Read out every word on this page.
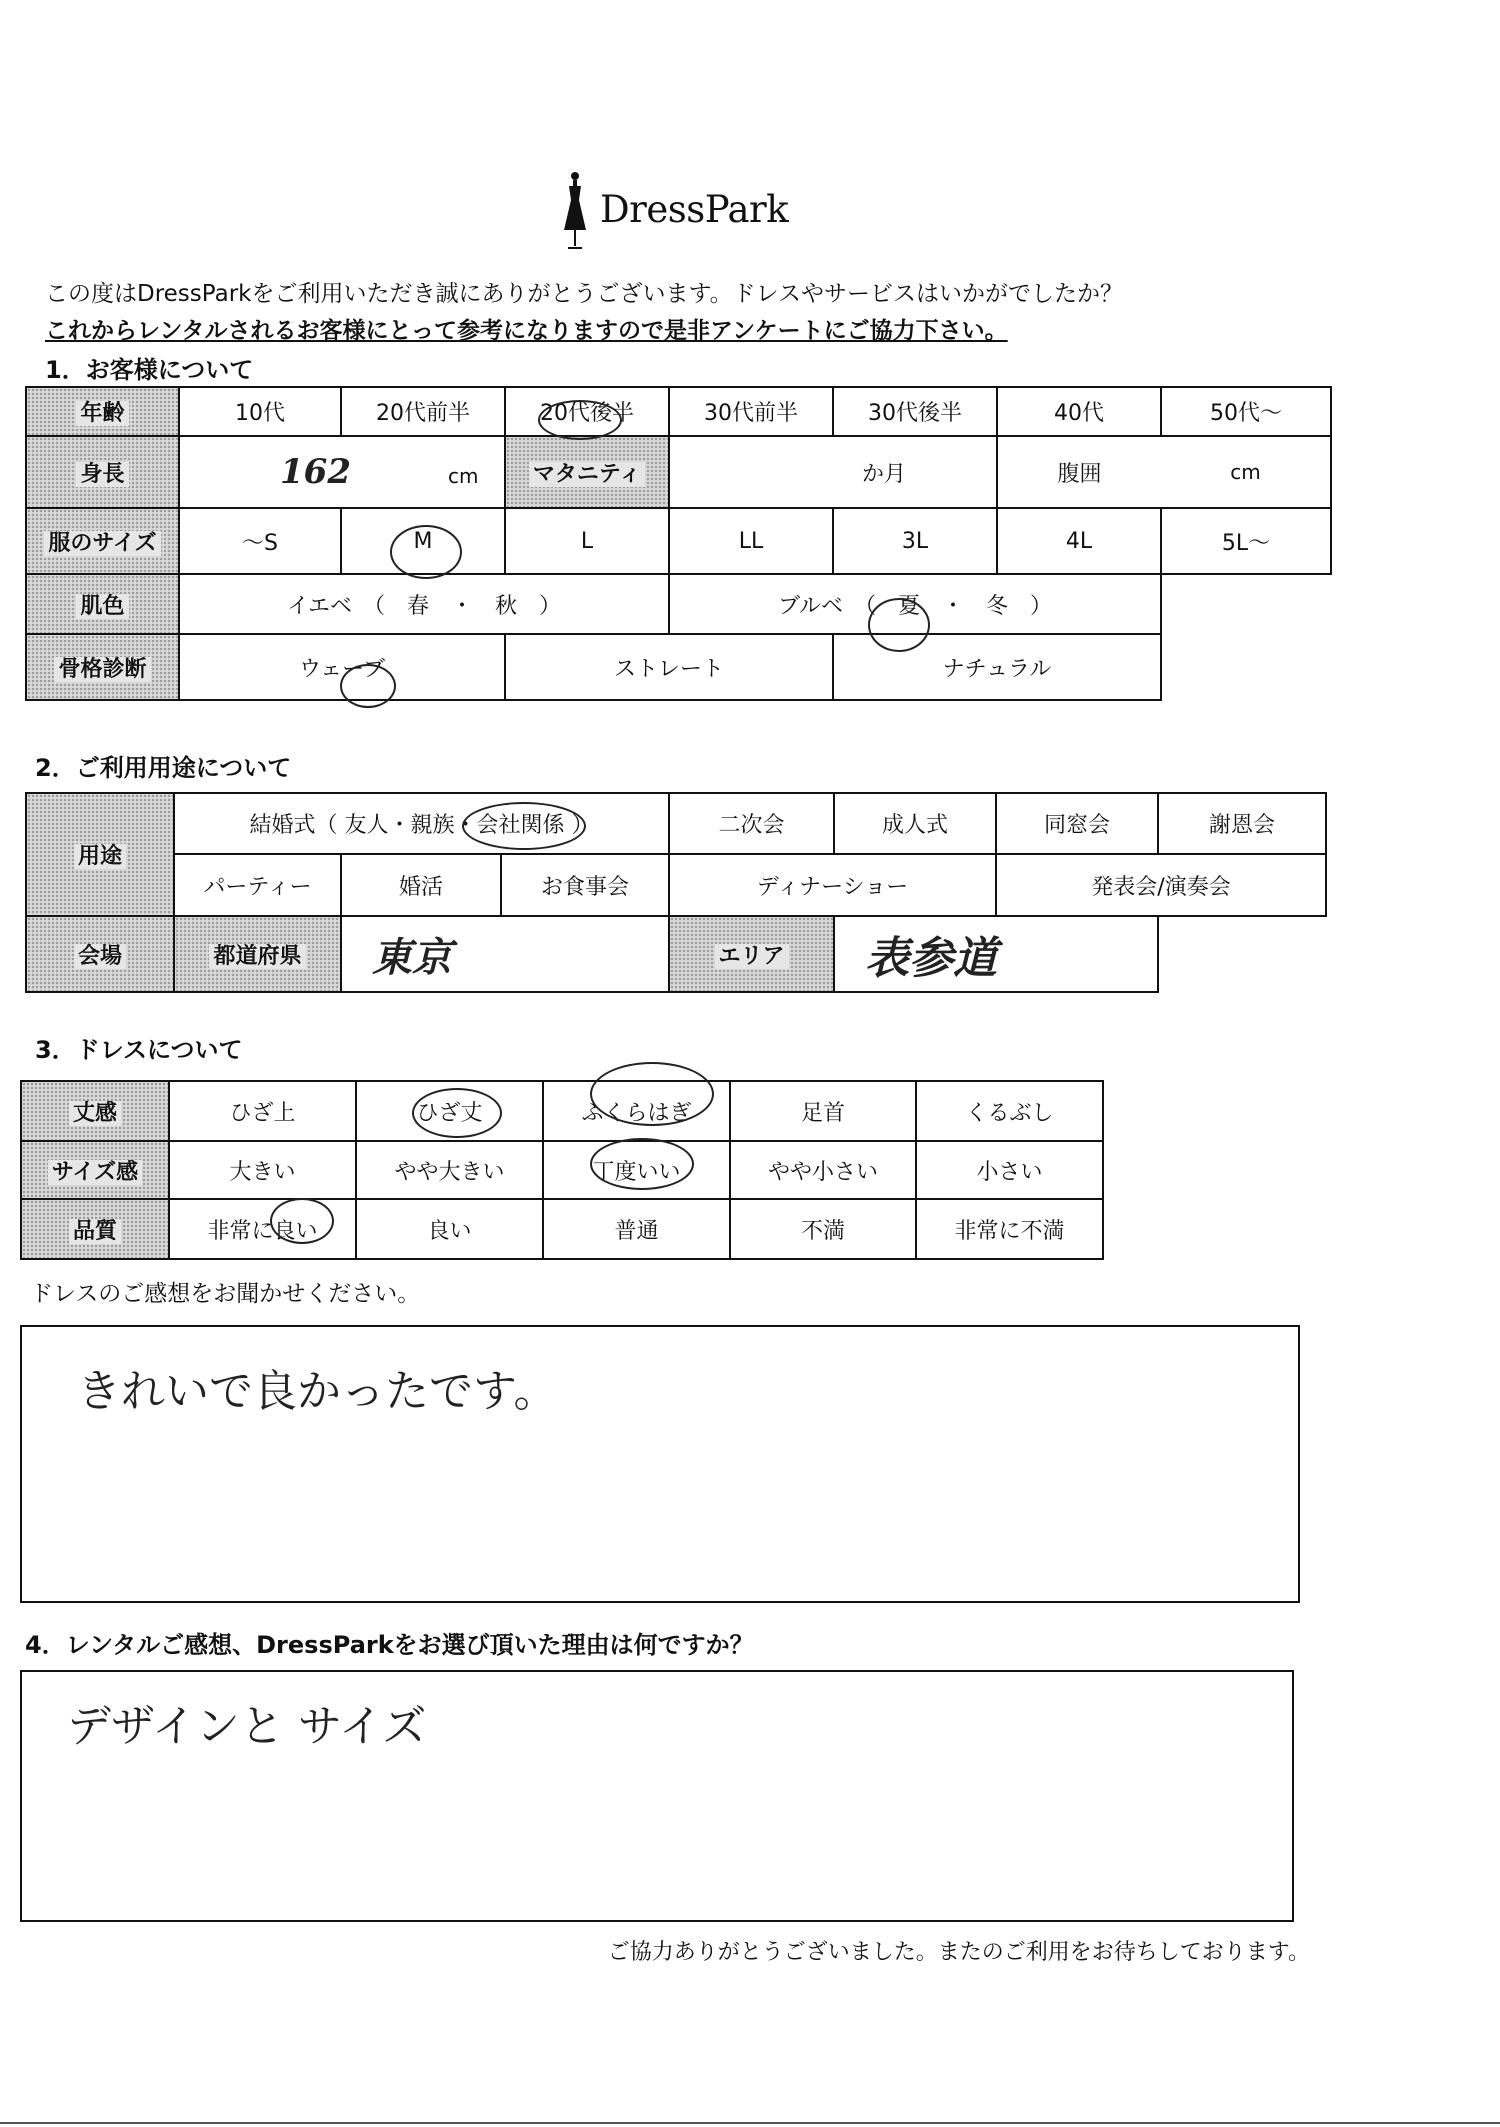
DressPark
この度はDressParkをご利用いただき誠にありがとうございます。ドレスやサービスはいかがでしたか？
これからレンタルされるお客様にとって参考になりますので是非アンケートにご協力下さい。
1．お客様について
年齢	10代	20代前半	20代後半	30代前半	30代後半	40代	50代～
身長	162 cm		マタニティ	か月		腹囲	cm
服のサイズ	～S	M	L	LL	3L	4L	5L～
肌色	イエベ　（　春　・　秋　）			ブルベ　（　夏　・　冬　）			
骨格診断	ウェーブ		ストレート		ナチュラル		
2．ご利用用途について
用途	結婚式（ 友人・親族・会社関係 ）			二次会	成人式	同窓会	謝恩会
	パーティー	婚活	お食事会	ディナーショー		発表会/演奏会	
会場	都道府県	東京		エリア	表参道		
3．ドレスについて
丈感	ひざ上	ひざ丈	ふくらはぎ	足首	くるぶし
サイズ感	大きい	やや大きい	丁度いい	やや小さい	小さい
品質	非常に良い	良い	普通	不満	非常に不満
ドレスのご感想をお聞かせください。
きれいで良かったです。
4．レンタルご感想、DressParkをお選び頂いた理由は何ですか？
デザインと サイズ
ご協力ありがとうございました。またのご利用をお待ちしております。
